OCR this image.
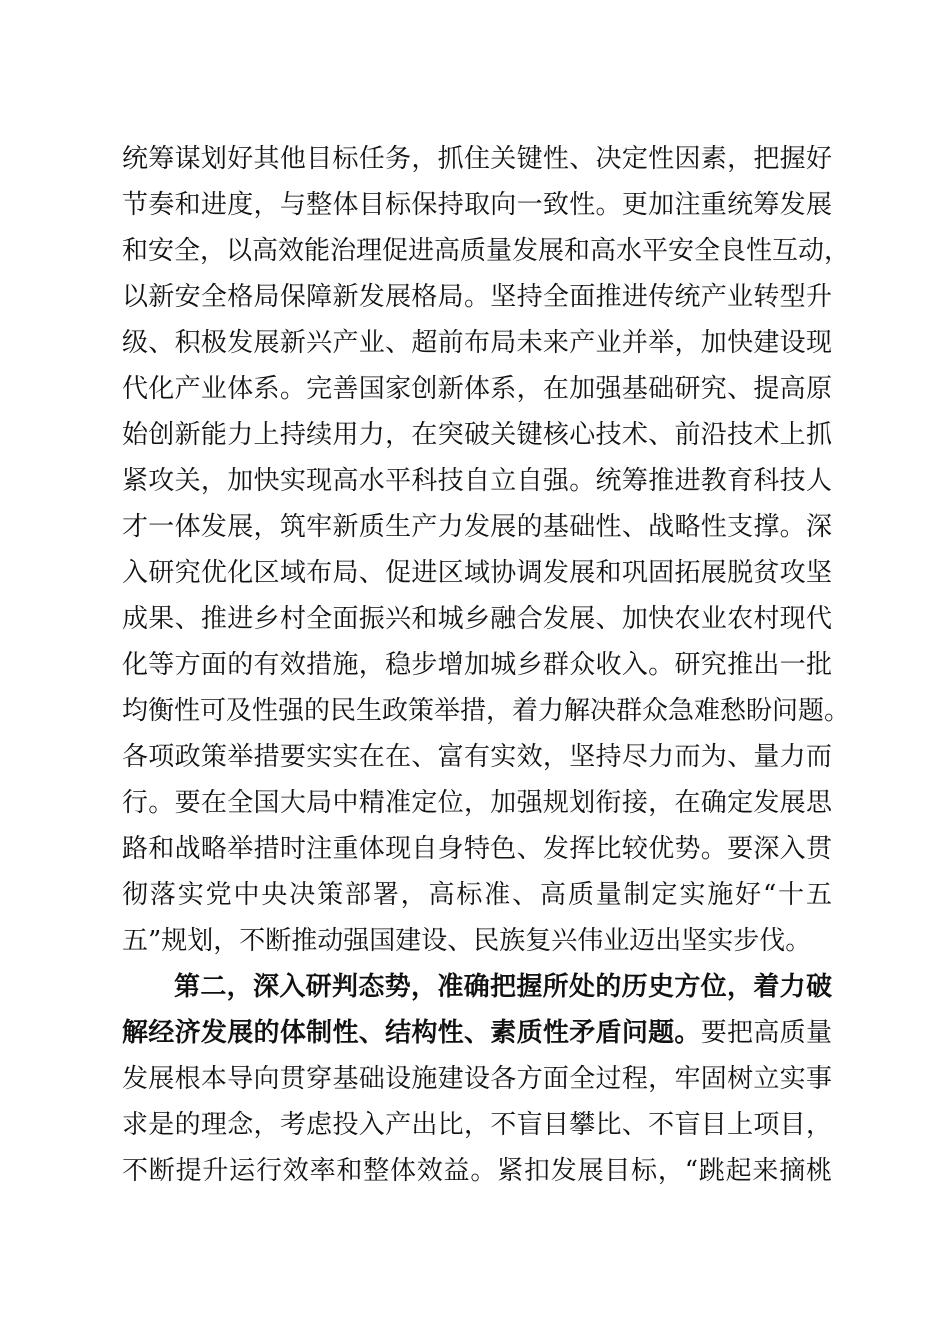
统筹谋划好其他目标任务，抓住关键性、决定性因素，把握好
节奏和进度，与整体目标保持取向一致性。更加注重统筹发展
和安全，以高效能治理促进高质量发展和高水平安全良性互动，
以新安全格局保障新发展格局。坚持全面推进传统产业转型升
级、积极发展新兴产业、超前布局未来产业并举，加快建设现
代化产业体系。完善国家创新体系，在加强基础研究、提高原
始创新能力上持续用力，在突破关键核心技术、前沿技术上抓
紧攻关，加快实现高水平科技自立自强。统筹推进教育科技人
才一体发展，筑牢新质生产力发展的基础性、战略性支撑。深
入研究优化区域布局、促进区域协调发展和巩固拓展脱贫攻坚
成果、推进乡村全面振兴和城乡融合发展、加快农业农村现代
化等方面的有效措施，稳步增加城乡群众收入。研究推出一批
均衡性可及性强的民生政策举措，着力解决群众急难愁盼问题。
各项政策举措要实实在在、富有实效，坚持尽力而为、量力而
行。要在全国大局中精准定位，加强规划衔接，在确定发展思
路和战略举措时注重体现自身特色、发挥比较优势。要深入贯
彻落实党中央决策部署，高标准、高质量制定实施好“十五
五”规划，不断推动强国建设、民族复兴伟业迈出坚实步伐。
第二，深入研判态势，准确把握所处的历史方位，着力破
解经济发展的体制性、结构性、素质性矛盾问题。要把高质量
发展根本导向贯穿基础设施建设各方面全过程，牢固树立实事
求是的理念，考虑投入产出比，不盲目攀比、不盲目上项目，
不断提升运行效率和整体效益。紧扣发展目标，“跳起来摘桃
